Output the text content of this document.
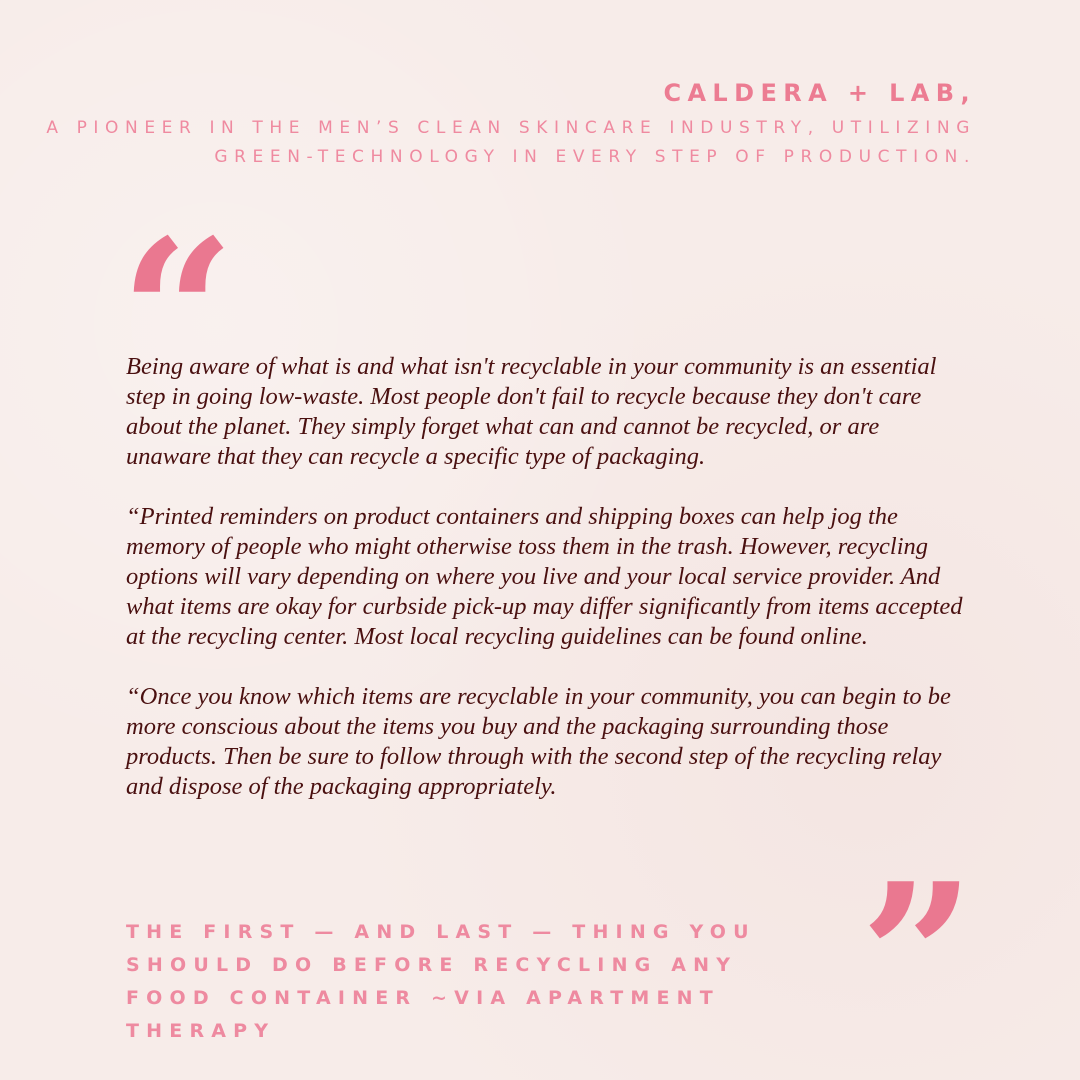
CALDERA + LAB,
A PIONEER IN THE MEN’S CLEAN SKINCARE INDUSTRY, UTILIZING GREEN-TECHNOLOGY IN EVERY STEP OF PRODUCTION.
“

Being aware of what is and what isn't recyclable in your community is an essential step in going low-waste. Most people don't fail to recycle because they don't care about the planet. They simply forget what can and cannot be recycled, or are unaware that they can recycle a specific type of packaging.

“Printed reminders on product containers and shipping boxes can help jog the memory of people who might otherwise toss them in the trash. However, recycling options will vary depending on where you live and your local service provider. And what items are okay for curbside pick-up may differ significantly from items accepted at the recycling center. Most local recycling guidelines can be found online.

“Once you know which items are recyclable in your community, you can begin to be more conscious about the items you buy and the packaging surrounding those products. Then be sure to follow through with the second step of the recycling relay and dispose of the packaging appropriately.

”
THE FIRST — AND LAST — THING YOU SHOULD DO BEFORE RECYCLING ANY FOOD CONTAINER ~VIA APARTMENT THERAPY
